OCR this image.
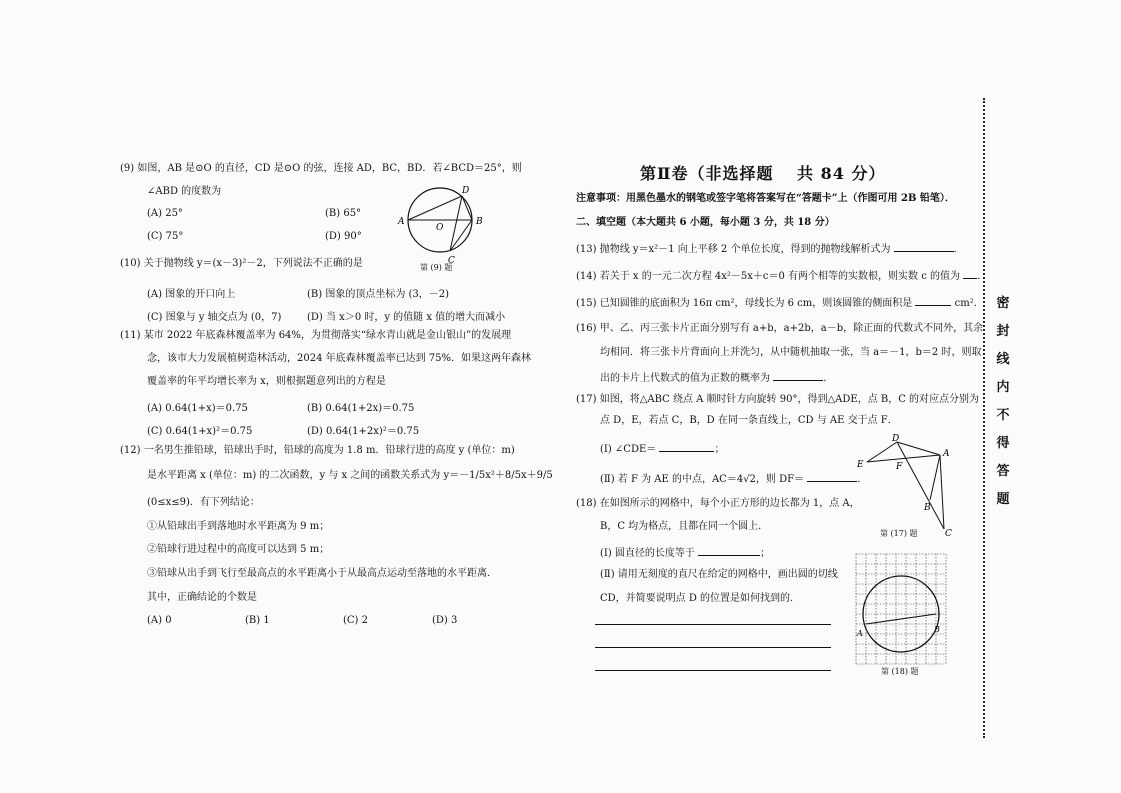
(9) 如图，AB 是⊙O 的直径，CD 是⊙O 的弦，连接 AD，BC，BD．若∠BCD＝25°，则
∠ABD 的度数为
(A) 25°	(B) 65°
(C) 75°	(D) 90°
D
A
O
B
C
第 (9) 题
(10) 关于抛物线 y＝(x－3)²－2，下列说法不正确的是
(A) 图象的开口向上	(B) 图象的顶点坐标为 (3，－2)
(C) 图象与 y 轴交点为 (0，7)	(D) 当 x＞0 时，y 的值随 x 值的增大而减小
(11) 某市 2022 年底森林覆盖率为 64%，为贯彻落实“绿水青山就是金山银山”的发展理
念，该市大力发展植树造林活动，2024 年底森林覆盖率已达到 75%．如果这两年森林
覆盖率的年平均增长率为 x，则根据题意列出的方程是
(A) 0.64(1+x)＝0.75	(B) 0.64(1+2x)＝0.75
(C) 0.64(1+x)²＝0.75	(D) 0.64(1+2x)²＝0.75
(12) 一名男生推铅球，铅球出手时，铅球的高度为 1.8 m．铅球行进的高度 y (单位：m)
是水平距离 x (单位：m) 的二次函数，y 与 x 之间的函数关系式为 y＝－1/5x²＋8/5x＋9/5
(0≤x≤9)．有下列结论：
①从铅球出手到落地时水平距离为 9 m；
②铅球行进过程中的高度可以达到 5 m；
③铅球从出手到飞行至最高点的水平距离小于从最高点运动至落地的水平距离．
其中，正确结论的个数是
(A) 0	(B) 1	(C) 2	(D) 3
第Ⅱ卷（非选择题　 共 84 分）
注意事项：用黑色墨水的钢笔或签字笔将答案写在“答题卡”上（作图可用 2B 铅笔）．
二、填空题（本大题共 6 小题，每小题 3 分，共 18 分）
(13) 抛物线 y＝x²－1 向上平移 2 个单位长度，得到的抛物线解析式为	．
(14) 若关于 x 的一元二次方程 4x²－5x＋c＝0 有两个相等的实数根，则实数 c 的值为 ．
(15) 已知圆锥的底面积为 16π cm²，母线长为 6 cm，则该圆锥的侧面积是	cm²．
(16) 甲、乙、丙三张卡片正面分别写有 a+b，a+2b，a－b，除正面的代数式不同外，其余
均相同．将三张卡片背面向上并洗匀，从中随机抽取一张，当 a＝－1，b＝2 时，则取
出的卡片上代数式的值为正数的概率为	．
(17) 如图，将△ABC 绕点 A 顺时针方向旋转 90°，得到△ADE，点 B，C 的对应点分别为
点 D，E，若点 C，B，D 在同一条直线上，CD 与 AE 交于点 F．
(Ⅰ) ∠CDE＝	；
(Ⅱ) 若 F 为 AE 的中点，AC＝4√2，则 DF＝	．
D
E	F
A
B
C
第 (17) 题
(18) 在如图所示的网格中，每个小正方形的边长都为 1，点 A，
B，C 均为格点，且都在同一个圆上．
(Ⅰ) 圆直径的长度等于	；
(Ⅱ) 请用无刻度的直尺在给定的网格中，画出圆的切线
CD，并简要说明点 D 的位置是如何找到的．
A	B
第 (18) 题
密
封
线
内
不
得
答
题
